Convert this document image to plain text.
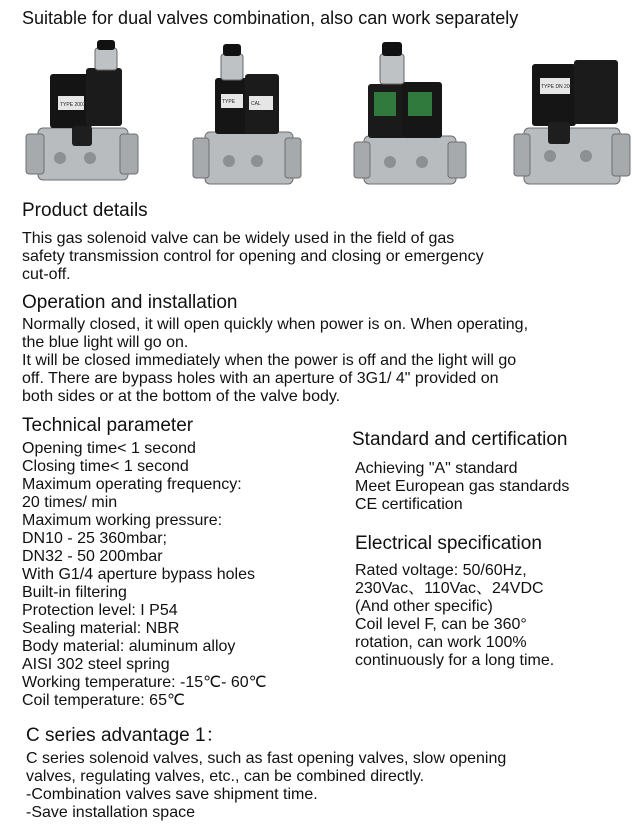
Suitable for dual valves combination, also can work separately
TYPE 2007	TYPE	CAL
TYPE DN 2007
Product details
This gas solenoid valve can be widely used in the field of gas
safety transmission control for opening and closing or emergency
cut-off.
Operation and installation
Normally closed, it will open quickly when power is on. When operating,
the blue light will go on.
It will be closed immediately when the power is off and the light will go
off. There are bypass holes with an aperture of 3G1/ 4" provided on
both sides or at the bottom of the valve body.
Technical parameter
Opening time< 1 second
Closing time< 1 second
Maximum operating frequency:
20 times/ min
Maximum working pressure:
DN10 - 25 360mbar;
DN32 - 50 200mbar
With G1/4 aperture bypass holes
Built-in filtering
Protection level: I P54
Sealing material: NBR
Body material: aluminum alloy
AISI 302 steel spring
Working temperature: -15℃- 60℃
Coil temperature: 65℃
Standard and certification
Achieving "A" standard
Meet European gas standards
CE certification
Electrical specification
Rated voltage: 50/60Hz,
230Vac、110Vac、24VDC
(And other specific)
Coil level F, can be 360°
rotation, can work 100%
continuously for a long time.
C series advantage 1：
C series solenoid valves, such as fast opening valves, slow opening
valves, regulating valves, etc., can be combined directly.
-Combination valves save shipment time.
-Save installation space
